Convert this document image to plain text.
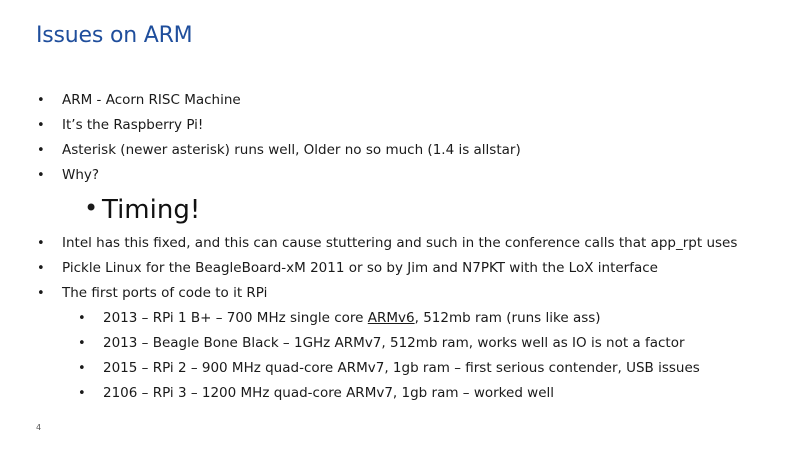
Issues on ARM
• ARM - Acorn RISC Machine
• It’s the Raspberry Pi!
• Asterisk (newer asterisk) runs well, Older no so much (1.4 is allstar)
• Why?
• Timing!
• Intel has this fixed, and this can cause stuttering and such in the conference calls that app_rpt uses
• Pickle Linux for the BeagleBoard-xM 2011 or so by Jim and N7PKT with the LoX interface
• The first ports of code to it RPi
• 2013 – RPi 1 B+ – 700 MHz single core ARMv6, 512mb ram (runs like ass)
• 2013 – Beagle Bone Black – 1GHz ARMv7, 512mb ram, works well as IO is not a factor
• 2015 – RPi 2 – 900 MHz quad-core ARMv7, 1gb ram – first serious contender, USB issues
• 2106 – RPi 3 – 1200 MHz quad-core ARMv7, 1gb ram – worked well
4
